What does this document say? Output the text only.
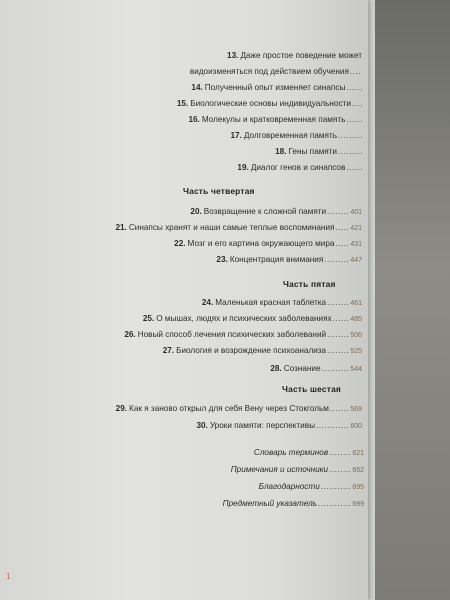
13. Даже простое поведение может
видоизменяться под действием обучения ....
14. Полученный опыт изменяет синапсы ......
15. Биологические основы индивидуальности ....
16. Молекулы и кратковременная память ......
17. Долговременная память .........
18. Гены памяти .........
19. Диалог генов и синапсов ......
Часть четвертая
20. Возвращение к сложной памяти ........ 401
21. Синапсы хранят и наши самые теплые воспоминания ..... 421
22. Мозг и его картина окружающего мира ..... 431
23. Концентрация внимания ......... 447
Часть пятая
24. Маленькая красная таблетка ........ 461
25. О мышах, людях и психических заболеваниях ...... 485
26. Новый способ лечения психических заболеваний ........ 506
27. Биология и возрождение психоанализа ........ 525
28. Сознание .......... 544
Часть шестая
29. Как я заново открыл для себя Вену через Стокгольм ....... 569
30. Уроки памяти: перспективы ............ 600
Словарь терминов ........ 621
Примечания и источники ........ 652
Благодарности ........... 695
Предметный указатель ............ 699
1
